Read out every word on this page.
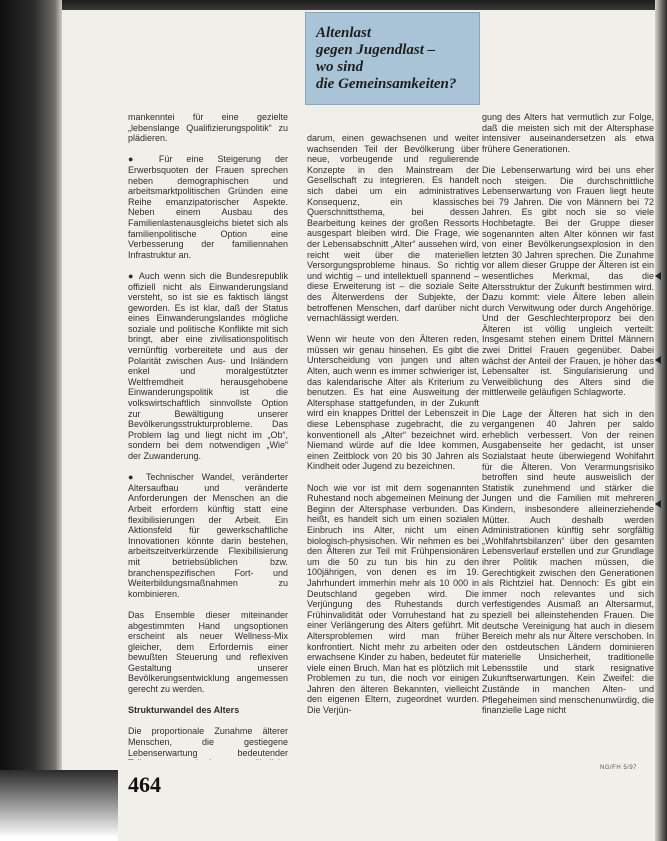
Altenlast
gegen Jugendlast –
wo sind
die Gemeinsamkeiten?

mankenntei für eine gezielte „lebenslange Qualifizierungspolitik“ zu plädieren.

● Für eine Steigerung der Erwerbsquoten der Frauen sprechen neben demographischen und arbeitsmarktpolitischen Gründen eine Reihe emanzipatorischer Aspekte. Neben einem Ausbau des Familienlastenausgleichs bietet sich als familienpolitische Option eine Verbesserung der familiennahen Infrastruktur an.

● Auch wenn sich die Bundesrepublik offiziell nicht als Einwanderungsland versteht, so ist sie es faktisch längst geworden. Es ist klar, daß der Status eines Einwanderungslandes mögliche soziale und politische Konflikte mit sich bringt, aber eine zivilisationspolitisch vernünftig vorbereitete und aus der Polarität zwischen Aus- und Inländern enkel und moralgestützter Weltfremdheit herausgehobene Einwanderungspolitik ist die volkswirtschaftlich sinnvollste Option zur Bewältigung unserer Bevölkerungsstrukturprobleme. Das Problem lag und liegt nicht im „Ob“, sondern bei dem notwendigen „Wie“ der Zuwanderung.

● Technischer Wandel, veränderter Altersaufbau und veränderte Anforderungen der Menschen an die Arbeit erfordern künftig statt eine flexibilisierungen der Arbeit. Ein Aktionsfeld für gewerkschaftliche Innovationen könnte darin bestehen, arbeitszeitverkürzende Flexibilisierung mit betriebsüblichen bzw. branchenspezifischen Fort- und Weiterbildungsmaßnahmen zu kombinieren.

Das Ensemble dieser miteinander abgestimmten Hand ungsoptionen erscheint als neuer Wellness-Mix gleicher, dem Erfordernis einer bewußten Steuerung und reflexiven Gestaltung unserer Bevölkerungsentwicklung angemessen gerecht zu werden.

Strukturwandel des Alters

Die proportionale Zunahme älterer Menschen, die gestiegene Lebenserwartung bedeutender

darum, einen gewachsenen und weiter wachsenden Teil der Bevölkerung über neue, vorbeugende und regulierende Konzepte in den Mainstream der Gesellschaft zu integrieren. Es handelt sich dabei um ein administratives Konsequenz, ein klassisches Querschnittsthema, bei dessen Bearbeitung keines der großen Ressorts ausgespart bleiben wird. Die Frage, wie der Lebensabschnitt „Alter“ aussehen wird, reicht weit über die materiellen Versorgungsprobleme hinaus. So richtig und wichtig – und intellektuell spannend – diese Erweiterung ist – die soziale Seite des Älterwerdens der Subjekte, der betroffenen Menschen, darf darüber nicht vernachlässigt werden.

Wenn wir heute von den Älteren reden, müssen wir genau hinsehen. Es gibt die Unterscheidung von jungen und alten Alten, auch wenn es immer schwieriger ist, das kalendarische Alter als Kriterium zu benutzen. Es hat eine Ausweitung der Altersphase stattgefunden, in der Zukunft wird ein knappes Drittel der Lebenszeit in diese Lebensphase zugebracht, die zu konventionell als „Alter“ bezeichnet wird. Niemand würde auf die Idee kommen, einen Zeitblock von 20 bis 30 Jahren als Kindheit oder Jugend zu bezeichnen.

Noch wie vor ist mit dem sogenannten Ruhestand noch abgemeinen Meinung der Beginn der Altersphase verbunden. Das heißt, es handelt sich um einen sozialen Einbruch ins Alter, nicht um einen biologisch-physischen. Wir nehmen es bei den Älteren zur Teil mit Frühpensionären um die 50 zu tun bis hin zu den 100jährigen, von denen es im 19. Jahrhundert immerhin mehr als 10 000 in Deutschland gegeben wird. Die Verjüngung des Ruhestands durch Frühinvalidität oder Vorruhestand hat zu einer Verlängerung des Alters geführt. Mit Altersproblemen wird man früher konfrontiert. Nicht mehr zu arbeiten oder erwachsene Kinder zu haben, bedeutet für viele einen Bruch. Man hat es plötzlich mit Problemen zu tun, die noch vor einigen Jahren den älteren Bekannten, vielleicht den eigenen Eltern, zugeordnet wurden. Die Verjün-

gung des Alters hat vermutlich zur Folge, daß die meisten sich mit der Altersphase intensiver auseinandersetzen als etwa frühere Generationen.

Die Lebenserwartung wird bei uns eher noch steigen. Die durchschnittliche Lebenserwartung von Frauen liegt heute bei 79 Jahren. Die von Männern bei 72 Jahren. Es gibt noch sie so viele Hochbetagte. Bei der Gruppe dieser sogenannten alten Alter können wir fast von einer Bevölkerungsexplosion in den letzten 30 Jahren sprechen. Die Zunahme vor allem dieser Gruppe der Älteren ist ein wesentliches Merkmal, das die Altersstruktur der Zukunft bestimmen wird. Dazu kommt: viele Ältere leben allein durch Verwitwung oder durch Angehörige. Und der Geschlechterproporz bei den Älteren ist völlig ungleich verteilt: Insgesamt stehen einem Drittel Männern zwei Drittel Frauen gegenüber. Dabei wächst der Anteil der Frauen, je höher das Lebensalter ist. Singularisierung und Verweiblichung des Alters sind die mittlerweile geläufigen Schlagworte.

Die Lage der Älteren hat sich in den vergangenen 40 Jahren per saldo erheblich verbessert. Von der reinen Ausgabenseite her gedacht, ist unser Sozialstaat heute überwiegend Wohlfahrt für die Älteren. Von Verarmungsrisiko betroffen sind heute ausweislich der Statistik zunehmend und stärker die Jungen und die Familien mit mehreren Kindern, insbesondere alleinerziehende Mütter. Auch deshalb werden Administrationen künftig sehr sorgfältig „Wohlfahrtsbilanzen“ über den gesamten Lebensverlauf erstellen und zur Grundlage ihrer Politik machen müssen, die Gerechtigkeit zwischen den Generationen als Richtziel hat. Dennoch: Es gibt ein immer noch relevantes und sich verfestigendes Ausmaß an Altersarmut, speziell bei alleinstehenden Frauen. Die deutsche Vereinigung hat auch in diesem Bereich mehr als nur Ältere verschoben. In den ostdeutschen Ländern dominieren materielle Unsicherheit, traditionelle Lebensstile und stark resignative Zukunftserwartungen. Kein Zweifel: die Zustände in manchen Alten- und Pflegeheimen sind menschenunwürdig, die finanzielle Lage nicht

464
NG/FH 5/97
